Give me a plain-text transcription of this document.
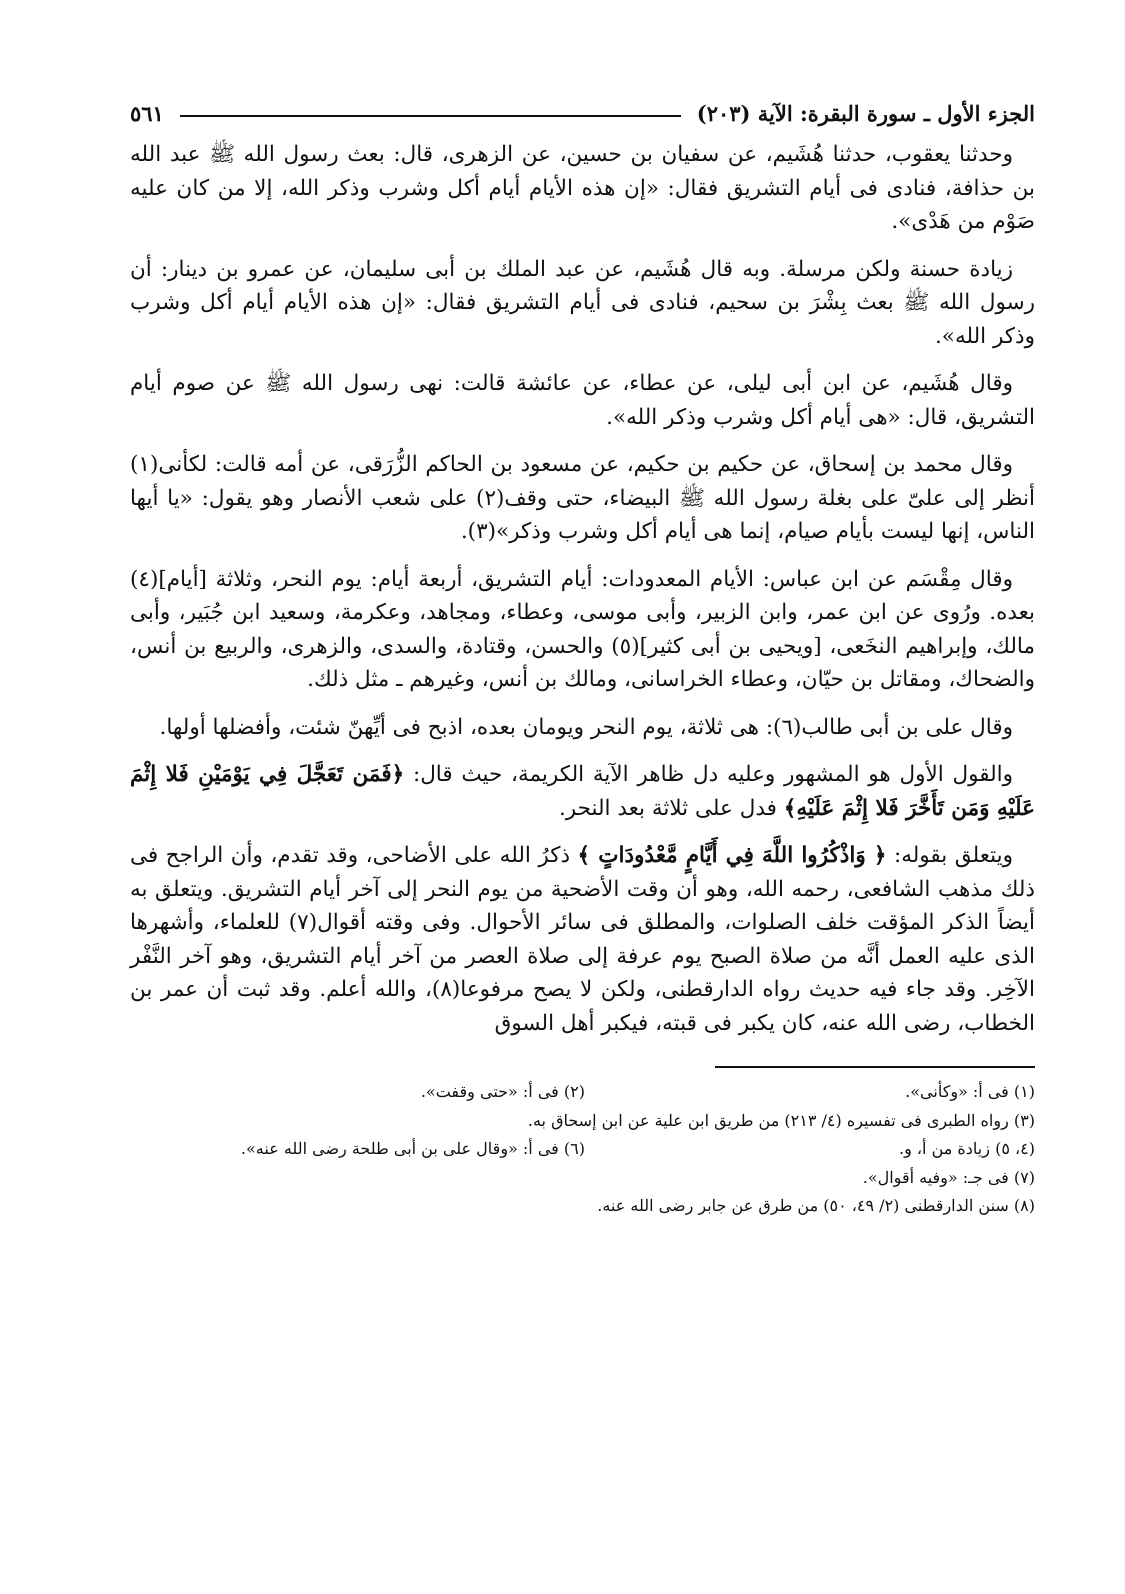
الجزء الأول ـ سورة البقرة: الآية (٢٠٣)
٥٦١

وحدثنا يعقوب، حدثنا هُشَيم، عن سفيان بن حسين، عن الزهرى، قال: بعث رسول الله ﷺ عبد الله بن حذافة، فنادى فى أيام التشريق فقال: «إن هذه الأيام أيام أكل وشرب وذكر الله، إلا من كان عليه صَوْم من هَدْى».

زيادة حسنة ولكن مرسلة. وبه قال هُشَيم، عن عبد الملك بن أبى سليمان، عن عمرو بن دينار: أن رسول الله ﷺ بعث بِشْرَ بن سحيم، فنادى فى أيام التشريق فقال: «إن هذه الأيام أيام أكل وشرب وذكر الله».

وقال هُشَيم، عن ابن أبى ليلى، عن عطاء، عن عائشة قالت: نهى رسول الله ﷺ عن صوم أيام التشريق، قال: «هى أيام أكل وشرب وذكر الله».

وقال محمد بن إسحاق، عن حكيم بن حكيم، عن مسعود بن الحاكم الزُّرَقى، عن أمه قالت: لكأنى(١) أنظر إلى علىّ على بغلة رسول الله ﷺ البيضاء، حتى وقف(٢) على شعب الأنصار وهو يقول: «يا أيها الناس، إنها ليست بأيام صيام، إنما هى أيام أكل وشرب وذكر»(٣).

وقال مِقْسَم عن ابن عباس: الأيام المعدودات: أيام التشريق، أربعة أيام: يوم النحر، وثلاثة [أيام](٤) بعده. ورُوى عن ابن عمر، وابن الزبير، وأبى موسى، وعطاء، ومجاهد، وعكرمة، وسعيد ابن جُبَير، وأبى مالك، وإبراهيم النخَعى، [ويحيى بن أبى كثير](٥) والحسن، وقتادة، والسدى، والزهرى، والربيع بن أنس، والضحاك، ومقاتل بن حيّان، وعطاء الخراسانى، ومالك بن أنس، وغيرهم ـ مثل ذلك.

وقال على بن أبى طالب(٦): هى ثلاثة، يوم النحر ويومان بعده، اذبح فى أيِّهنّ شئت، وأفضلها أولها.

والقول الأول هو المشهور وعليه دل ظاهر الآية الكريمة، حيث قال: ﴿فَمَن تَعَجَّلَ فِي يَوْمَيْنِ فَلا إِثْمَ عَلَيْهِ وَمَن تَأَخَّرَ فَلا إِثْمَ عَلَيْهِ﴾ فدل على ثلاثة بعد النحر.

ويتعلق بقوله: ﴿ وَاذْكُرُوا اللَّهَ فِي أَيَّامٍ مَّعْدُودَاتٍ ﴾ ذكرُ الله على الأضاحى، وقد تقدم، وأن الراجح فى ذلك مذهب الشافعى، رحمه الله، وهو أن وقت الأضحية من يوم النحر إلى آخر أيام التشريق. ويتعلق به أيضاً الذكر المؤقت خلف الصلوات، والمطلق فى سائر الأحوال. وفى وقته أقوال(٧) للعلماء، وأشهرها الذى عليه العمل أنَّه من صلاة الصبح يوم عرفة إلى صلاة العصر من آخر أيام التشريق، وهو آخر النَّفْر الآخِر. وقد جاء فيه حديث رواه الدارقطنى، ولكن لا يصح مرفوعا(٨)، والله أعلم. وقد ثبت أن عمر بن الخطاب، رضى الله عنه، كان يكبر فى قبته، فيكبر أهل السوق

(١) فى أ: «وكأنى».
(٢) فى أ: «حتى وقفت».
(٣) رواه الطبرى فى تفسيره (٤/ ٢١٣) من طريق ابن علية عن ابن إسحاق به.
(٤، ٥) زيادة من أ، و.
(٦) فى أ: «وقال على بن أبى طلحة رضى الله عنه».
(٧) فى جـ: «وفيه أقوال».
(٨) سنن الدارقطنى (٢/ ٤٩، ٥٠) من طرق عن جابر رضى الله عنه.
